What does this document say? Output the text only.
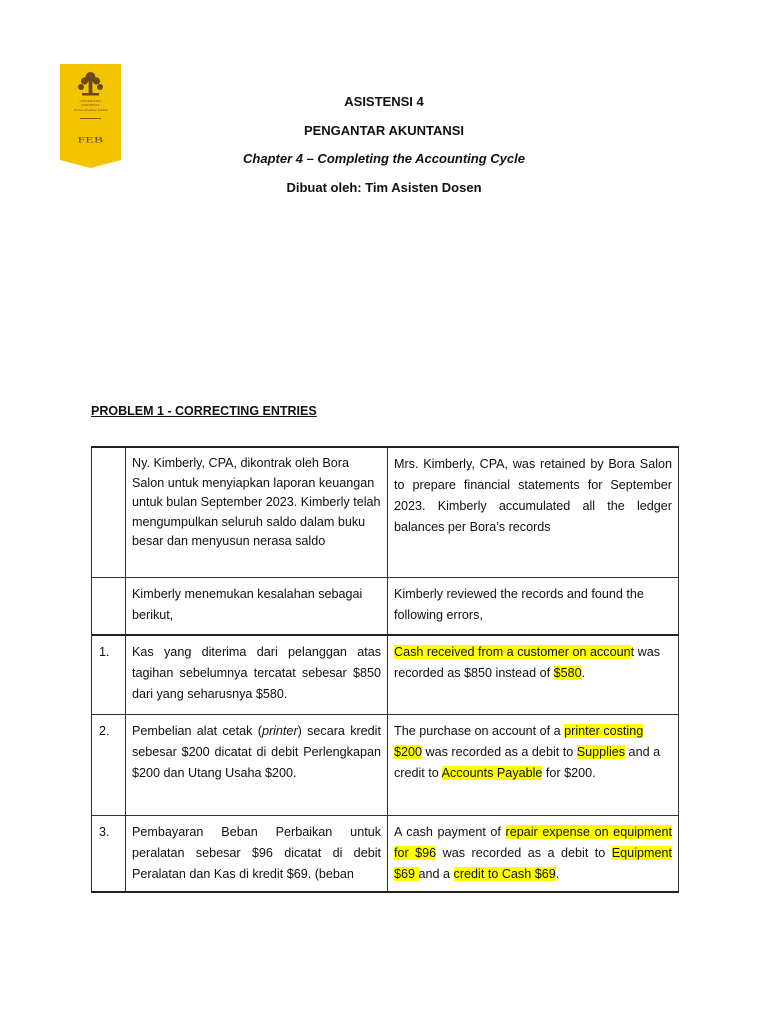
FEB
UNIVERSITAS
INDONESIA
Veritas, Probitas, Iustitia
ASISTENSI 4
PENGANTAR AKUNTANSI
Chapter 4 – Completing the Accounting Cycle
Dibuat oleh: Tim Asisten Dosen

PROBLEM 1 - CORRECTING ENTRIES

	Ny. Kimberly, CPA, dikontrak oleh Bora Salon untuk menyiapkan laporan keuangan untuk bulan September 2023. Kimberly telah mengumpulkan seluruh saldo dalam buku besar dan menyusun nerasa saldo	Mrs. Kimberly, CPA, was retained by Bora Salon to prepare financial statements for September 2023. Kimberly accumulated all the ledger balances per Bora’s records
	Kimberly menemukan kesalahan sebagai berikut,	Kimberly reviewed the records and found the following errors,
1.	Kas yang diterima dari pelanggan atas tagihan sebelumnya tercatat sebesar $850 dari yang seharusnya $580.	Cash received from a customer on account was recorded as $850 instead of $580.
2.	Pembelian alat cetak (printer) secara kredit sebesar $200 dicatat di debit Perlengkapan $200 dan Utang Usaha $200.	The purchase on account of a printer costing $200 was recorded as a debit to Supplies and a credit to Accounts Payable for $200.
3.	Pembayaran Beban Perbaikan untuk peralatan sebesar $96 dicatat di debit Peralatan dan Kas di kredit $69. (beban	A cash payment of repair expense on equipment for $96 was recorded as a debit to Equipment $69 and a credit to Cash $69.
